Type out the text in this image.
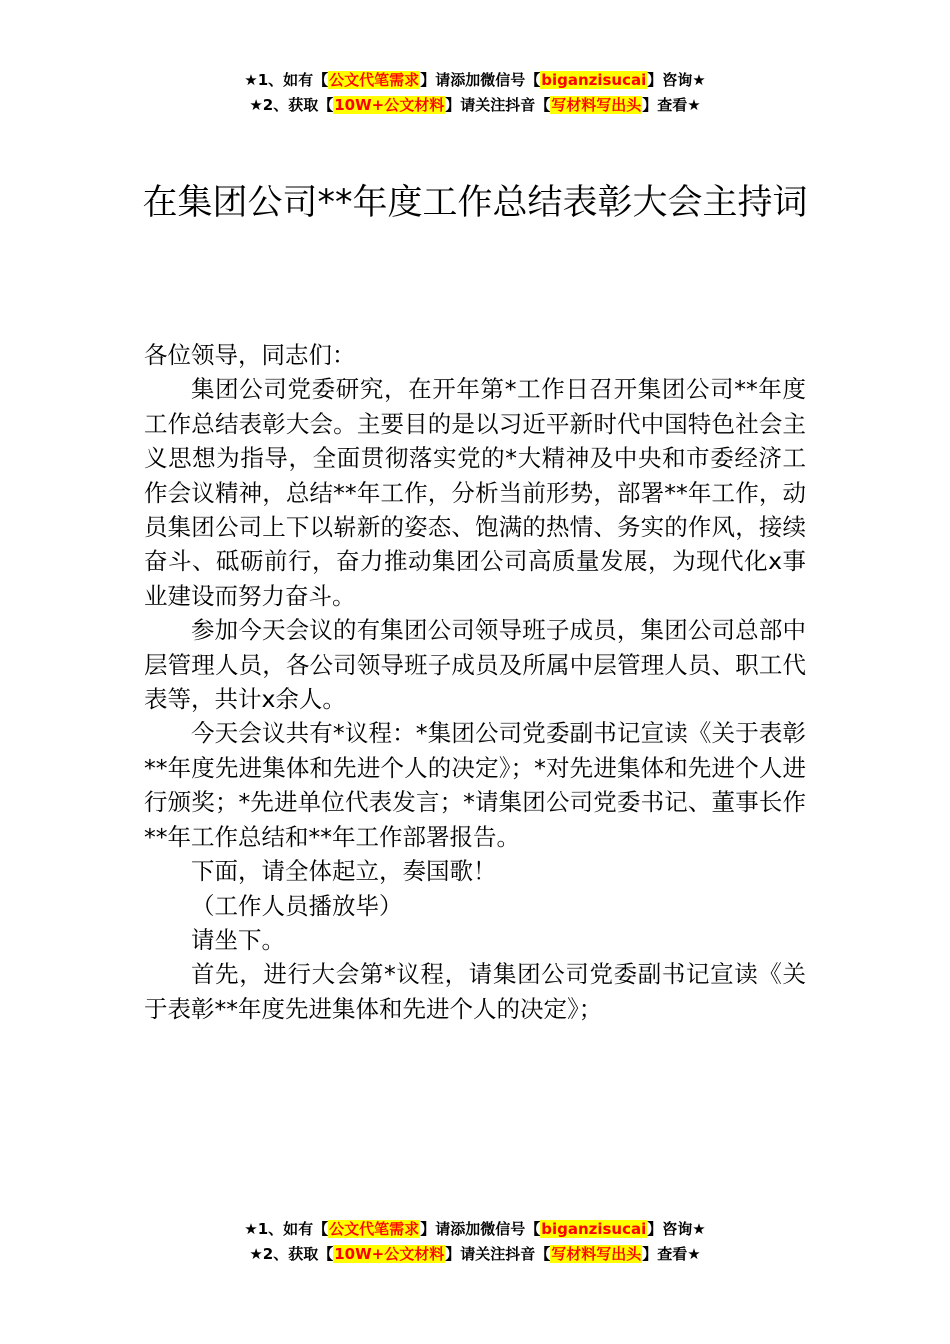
★1、如有【公文代笔需求】请添加微信号【biganzisucai】咨询★
★2、获取【10W+公文材料】请关注抖音【写材料写出头】查看★
在集团公司**年度工作总结表彰大会主持词

各位领导，同志们：

集团公司党委研究，在开年第*工作日召开集团公司**年度工作总结表彰大会。主要目的是以习近平新时代中国特色社会主义思想为指导，全面贯彻落实党的*大精神及中央和市委经济工作会议精神，总结**年工作，分析当前形势，部署**年工作，动员集团公司上下以崭新的姿态、饱满的热情、务实的作风，接续奋斗、砥砺前行，奋力推动集团公司高质量发展，为现代化x事业建设而努力奋斗。

参加今天会议的有集团公司领导班子成员，集团公司总部中层管理人员，各公司领导班子成员及所属中层管理人员、职工代表等，共计x余人。

今天会议共有*议程：*集团公司党委副书记宣读《关于表彰**年度先进集体和先进个人的决定》；*对先进集体和先进个人进行颁奖；*先进单位代表发言；*请集团公司党委书记、董事长作**年工作总结和**年工作部署报告。

下面，请全体起立，奏国歌！

（工作人员播放毕）

请坐下。

首先，进行大会第*议程，请集团公司党委副书记宣读《关于表彰**年度先进集体和先进个人的决定》；

★1、如有【公文代笔需求】请添加微信号【biganzisucai】咨询★
★2、获取【10W+公文材料】请关注抖音【写材料写出头】查看★
